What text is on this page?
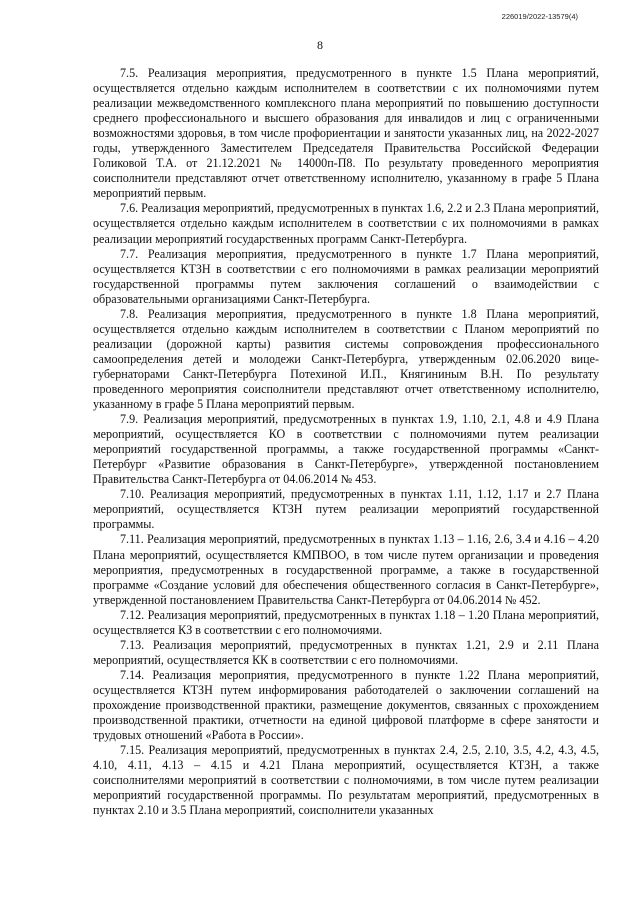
226019/2022-13579(4)
8

7.5. Реализация мероприятия, предусмотренного в пункте 1.5 Плана мероприятий, осуществляется отдельно каждым исполнителем в соответствии с их полномочиями путем реализации межведомственного комплексного плана мероприятий по повышению доступности среднего профессионального и высшего образования для инвалидов и лиц с ограниченными возможностями здоровья, в том числе профориентации и занятости указанных лиц, на 2022-2027 годы, утвержденного Заместителем Председателя Правительства Российской Федерации Голиковой Т.А. от 21.12.2021 № 14000п-П8. По результату проведенного мероприятия соисполнители представляют отчет ответственному исполнителю, указанному в графе 5 Плана мероприятий первым.

7.6. Реализация мероприятий, предусмотренных в пунктах 1.6, 2.2 и 2.3 Плана мероприятий, осуществляется отдельно каждым исполнителем в соответствии с их полномочиями в рамках реализации мероприятий государственных программ Санкт-Петербурга.

7.7. Реализация мероприятия, предусмотренного в пункте 1.7 Плана мероприятий, осуществляется КТЗН в соответствии с его полномочиями в рамках реализации мероприятий государственной программы путем заключения соглашений о взаимодействии с образовательными организациями Санкт-Петербурга.

7.8. Реализация мероприятия, предусмотренного в пункте 1.8 Плана мероприятий, осуществляется отдельно каждым исполнителем в соответствии с Планом мероприятий по реализации (дорожной карты) развития системы сопровождения профессионального самоопределения детей и молодежи Санкт-Петербурга, утвержденным 02.06.2020 вице-губернаторами Санкт-Петербурга Потехиной И.П., Княгининым В.Н. По результату проведенного мероприятия соисполнители представляют отчет ответственному исполнителю, указанному в графе 5 Плана мероприятий первым.

7.9. Реализация мероприятий, предусмотренных в пунктах 1.9, 1.10, 2.1, 4.8 и 4.9 Плана мероприятий, осуществляется КО в соответствии с полномочиями путем реализации мероприятий государственной программы, а также государственной программы «Санкт-Петербург «Развитие образования в Санкт-Петербурге», утвержденной постановлением Правительства Санкт-Петербурга от 04.06.2014 № 453.

7.10. Реализация мероприятий, предусмотренных в пунктах 1.11, 1.12, 1.17 и 2.7 Плана мероприятий, осуществляется КТЗН путем реализации мероприятий государственной программы.

7.11. Реализация мероприятий, предусмотренных в пунктах 1.13 – 1.16, 2.6, 3.4 и 4.16 – 4.20 Плана мероприятий, осуществляется КМПВОО, в том числе путем организации и проведения мероприятия, предусмотренных в государственной программе, а также в государственной программе «Создание условий для обеспечения общественного согласия в Санкт-Петербурге», утвержденной постановлением Правительства Санкт-Петербурга от 04.06.2014 № 452.

7.12. Реализация мероприятий, предусмотренных в пунктах 1.18 – 1.20 Плана мероприятий, осуществляется КЗ в соответствии с его полномочиями.

7.13. Реализация мероприятий, предусмотренных в пунктах 1.21, 2.9 и 2.11 Плана мероприятий, осуществляется КК в соответствии с его полномочиями.

7.14. Реализация мероприятия, предусмотренного в пункте 1.22 Плана мероприятий, осуществляется КТЗН путем информирования работодателей о заключении соглашений на прохождение производственной практики, размещение документов, связанных с прохождением производственной практики, отчетности на единой цифровой платформе в сфере занятости и трудовых отношений «Работа в России».

7.15. Реализация мероприятий, предусмотренных в пунктах 2.4, 2.5, 2.10, 3.5, 4.2, 4.3, 4.5, 4.10, 4.11, 4.13 – 4.15 и 4.21 Плана мероприятий, осуществляется КТЗН, а также соисполнителями мероприятий в соответствии с полномочиями, в том числе путем реализации мероприятий государственной программы. По результатам мероприятий, предусмотренных в пунктах 2.10 и 3.5 Плана мероприятий, соисполнители указанных
